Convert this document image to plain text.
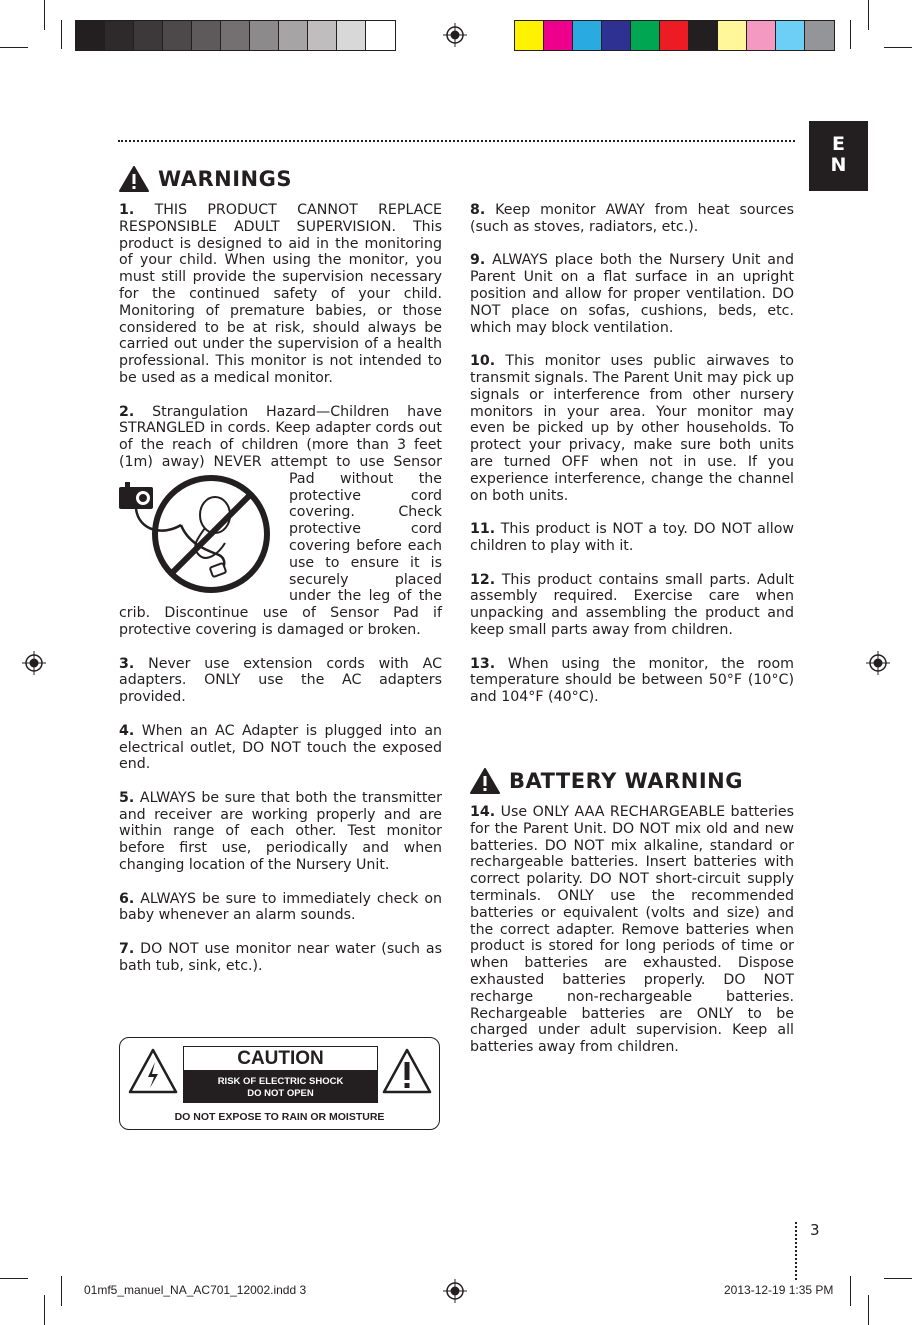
E
N
WARNINGS

1. THIS PRODUCT CANNOT REPLACE RESPONSIBLE ADULT SUPERVISION. This product is designed to aid in the monitoring of your child. When using the monitor, you must still provide the supervision necessary for the continued safety of your child. Monitoring of premature babies, or those considered to be at risk, should always be carried out under the supervision of a health professional. This monitor is not intended to be used as a medical monitor.

2. Strangulation Hazard—Children have STRANGLED in cords. Keep adapter cords out of the reach of children (more than 3 feet (1m) away) NEVER attempt to use Sensor Pad without the protective cord covering. Check protective cord covering before each use to ensure it is securely placed under the leg of the crib. Discontinue use of Sensor Pad if protective covering is damaged or broken.

3. Never use extension cords with AC adapters. ONLY use the AC adapters provided.

4. When an AC Adapter is plugged into an electrical outlet, DO NOT touch the exposed end.

5. ALWAYS be sure that both the transmitter and receiver are working properly and are within range of each other. Test monitor before first use, periodically and when changing location of the Nursery Unit.

6. ALWAYS be sure to immediately check on baby whenever an alarm sounds.

7. DO NOT use monitor near water (such as bath tub, sink, etc.).

CAUTION
RISK OF ELECTRIC SHOCK
DO NOT OPEN
DO NOT EXPOSE TO RAIN OR MOISTURE

8. Keep monitor AWAY from heat sources (such as stoves, radiators, etc.).

9. ALWAYS place both the Nursery Unit and Parent Unit on a flat surface in an upright position and allow for proper ventilation. DO NOT place on sofas, cushions, beds, etc. which may block ventilation.

10. This monitor uses public airwaves to transmit signals. The Parent Unit may pick up signals or interference from other nursery monitors in your area. Your monitor may even be picked up by other households. To protect your privacy, make sure both units are turned OFF when not in use. If you experience interference, change the channel on both units.

11. This product is NOT a toy. DO NOT allow children to play with it.

12. This product contains small parts. Adult assembly required. Exercise care when unpacking and assembling the product and keep small parts away from children.

13. When using the monitor, the room temperature should be between 50°F (10°C) and 104°F (40°C).

BATTERY WARNING

14. Use ONLY AAA RECHARGEABLE batteries for the Parent Unit. DO NOT mix old and new batteries. DO NOT mix alkaline, standard or rechargeable batteries. Insert batteries with correct polarity. DO NOT short-circuit supply terminals. ONLY use the recommended batteries or equivalent (volts and size) and the correct adapter. Remove batteries when product is stored for long periods of time or when batteries are exhausted. Dispose exhausted batteries properly. DO NOT recharge non-rechargeable batteries. Rechargeable batteries are ONLY to be charged under adult supervision. Keep all batteries away from children.

3
01mf5_manuel_NA_AC701_12002.indd 3	2013-12-19 1:35 PM
